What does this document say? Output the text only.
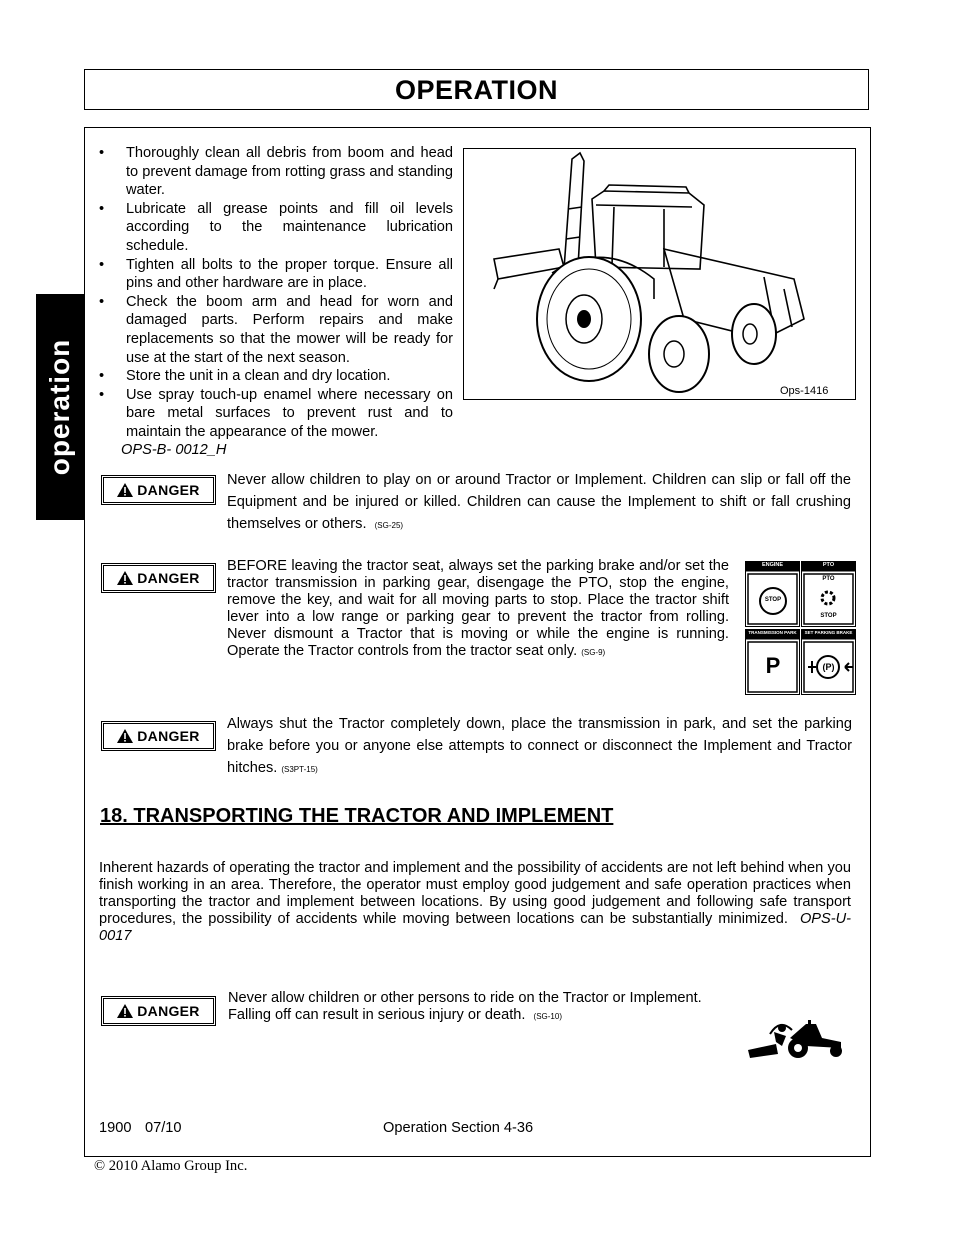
OPERATION
operation
•	Thoroughly clean all debris from boom and head to prevent damage from rotting grass and standing water.
•	Lubricate all grease points and fill oil levels according to the maintenance lubrication schedule.
•	Tighten all bolts to the proper torque. Ensure all pins and other hardware are in place.
•	Check the boom arm and head for worn and damaged parts. Perform repairs and make replacements so that the mower will be ready for use at the start of the next season.
•	Store the unit in a clean and dry location.
•	Use spray touch-up enamel where necessary on bare metal surfaces to prevent rust and to maintain the appearance of the mower.
OPS-B- 0012_H
Ops-1416
DANGER
Never allow children to play on or around Tractor or Implement. Children can slip or fall off the Equipment and be injured or killed. Children can cause the Implement to shift or fall crushing themselves or others. (SG-25)
DANGER
BEFORE leaving the tractor seat, always set the parking brake and/or set the tractor transmission in parking gear, disengage the PTO, stop the engine, remove the key, and wait for all moving parts to stop. Place the tractor shift lever into a low range or parking gear to prevent the tractor from rolling. Never dismount a Tractor that is moving or while the engine is running. Operate the Tractor controls from the tractor seat only. (SG-9)
ENGINE	PTO
STOP
PTO
STOP
TRANSMISSION PARK	SET PARKING BRAKE
P	(P)
DANGER
Always shut the Tractor completely down, place the transmission in park, and set the parking brake before you or anyone else attempts to connect or disconnect the Implement and Tractor hitches. (S3PT-15)
18. TRANSPORTING THE TRACTOR AND IMPLEMENT
Inherent hazards of operating the tractor and implement and the possibility of accidents are not left behind when you finish working in an area. Therefore, the operator must employ good judgement and safe operation practices when transporting the tractor and implement between locations. By using good judgement and following safe transport procedures, the possibility of accidents while moving between locations can be substantially minimized. OPS-U- 0017
DANGER
Never allow children or other persons to ride on the Tractor or Implement. Falling off can result in serious injury or death. (SG-10)
1900 07/10	Operation Section 4-36
© 2010 Alamo Group Inc.
